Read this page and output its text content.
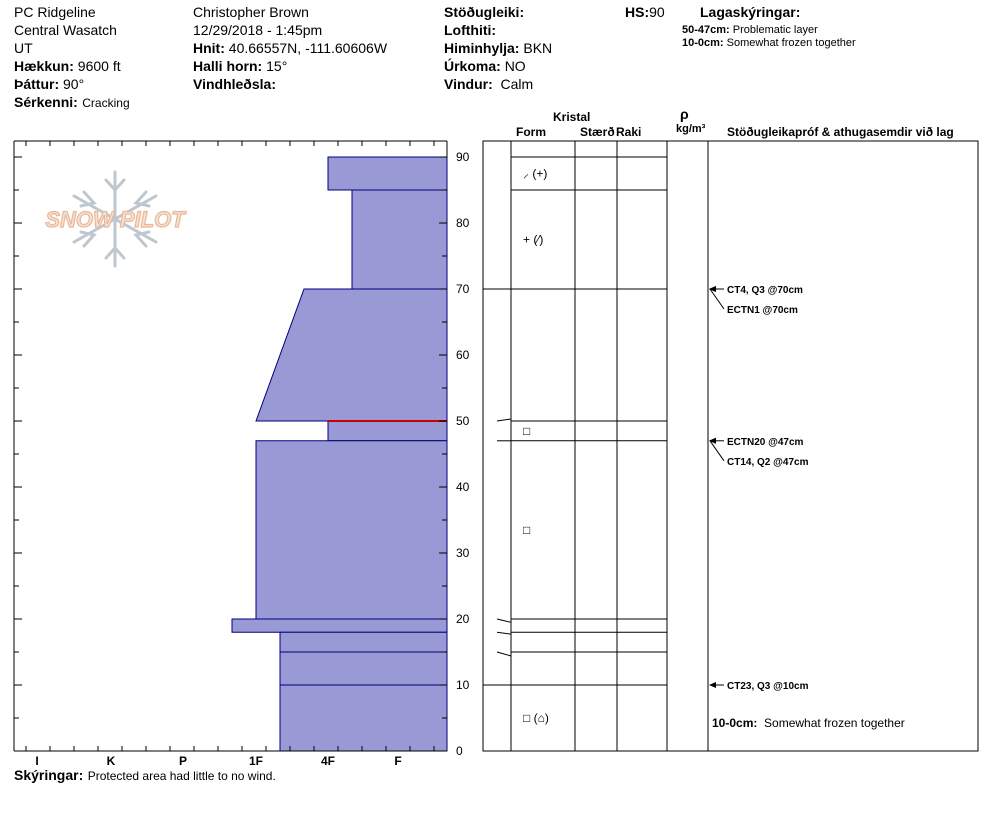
PC Ridgeline
Central Wasatch
UT
Hækkun: 9600 ft
Þáttur: 90°
Sérkenni: Cracking
Christopher Brown
12/29/2018 - 1:45pm
Hnit: 40.66557N, -111.60606W
Halli horn: 15°
Vindhleðsla:
Stöðugleiki:
Lofthiti:
Himinhylja: BKN
Úrkoma: NO
Vindur: Calm
HS:90	Lagaskýringar:
50-47cm: Problematic layer
10-0cm: Somewhat frozen together
SNOW PILOT
I	K	P	1F	4F	F
0
10
20
30
40
50
60
70
80
90
⸝ (+)
+ (⁄)
□
□
□ (⌂)
CT4, Q3 @70cm
ECTN1 @70cm
ECTN20 @47cm
CT14, Q2 @47cm
CT23, Q3 @10cm
Kristal
Form	Stærð Raki
ρ
kg/m³ Stöðugleikapróf & athugasemdir við lag
10-0cm: Somewhat frozen together
Skýringar: Protected area had little to no wind.
